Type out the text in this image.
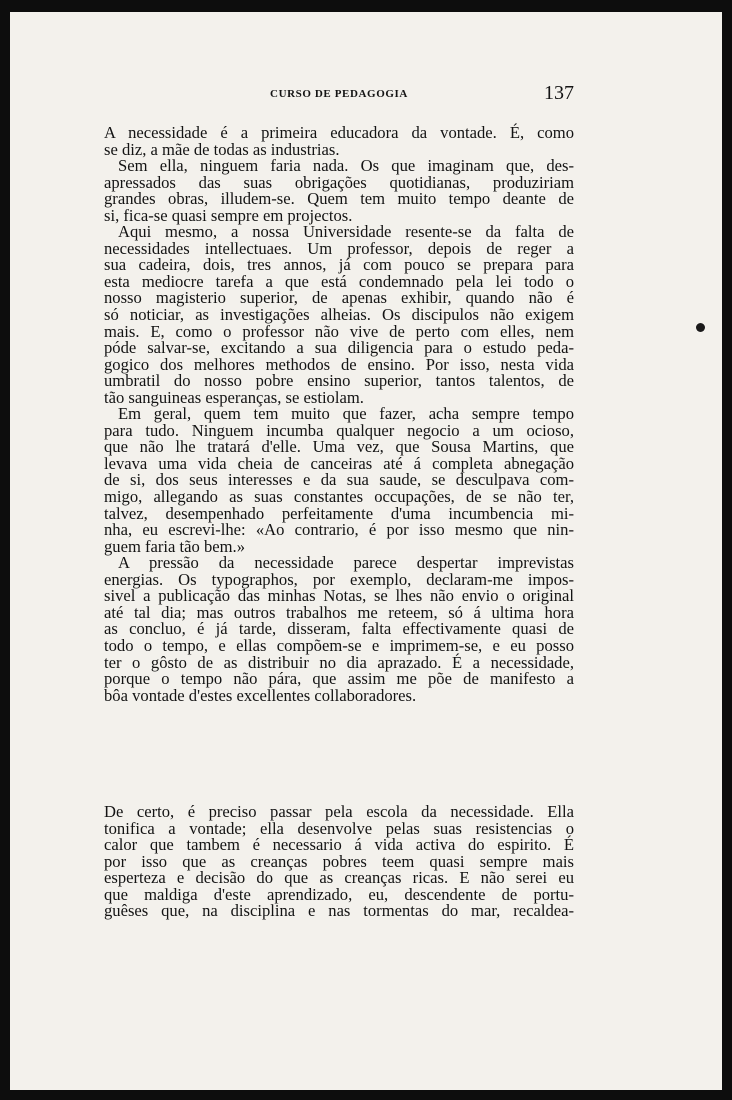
CURSO DE PEDAGOGIA	137
A necessidade é a primeira educadora da vontade. É, como
se diz, a mãe de todas as industrias.
Sem ella, ninguem faria nada. Os que imaginam que, des-
apressados das suas obrigações quotidianas, produziriam
grandes obras, illudem-se. Quem tem muito tempo deante de
si, fica-se quasi sempre em projectos.
Aqui mesmo, a nossa Universidade resente-se da falta de
necessidades intellectuaes. Um professor, depois de reger a
sua cadeira, dois, tres annos, já com pouco se prepara para
esta mediocre tarefa a que está condemnado pela lei todo o
nosso magisterio superior, de apenas exhibir, quando não é
só noticiar, as investigações alheias. Os discipulos não exigem
mais. E, como o professor não vive de perto com elles, nem
póde salvar-se, excitando a sua diligencia para o estudo peda-
gogico dos melhores methodos de ensino. Por isso, nesta vida
umbratil do nosso pobre ensino superior, tantos talentos, de
tão sanguineas esperanças, se estiolam.
Em geral, quem tem muito que fazer, acha sempre tempo
para tudo. Ninguem incumba qualquer negocio a um ocioso,
que não lhe tratará d'elle. Uma vez, que Sousa Martins, que
levava uma vida cheia de canceiras até á completa abnegação
de si, dos seus interesses e da sua saude, se desculpava com-
migo, allegando as suas constantes occupações, de se não ter,
talvez, desempenhado perfeitamente d'uma incumbencia mi-
nha, eu escrevi-lhe: «Ao contrario, é por isso mesmo que nin-
guem faria tão bem.»
A pressão da necessidade parece despertar imprevistas
energias. Os typographos, por exemplo, declaram-me impos-
sivel a publicação das minhas Notas, se lhes não envio o original
até tal dia; mas outros trabalhos me reteem, só á ultima hora
as concluo, é já tarde, disseram, falta effectivamente quasi de
todo o tempo, e ellas compõem-se e imprimem-se, e eu posso
ter o gôsto de as distribuir no dia aprazado. É a necessidade,
porque o tempo não pára, que assim me põe de manifesto a
bôa vontade d'estes excellentes collaboradores.
De certo, é preciso passar pela escola da necessidade. Ella
tonifica a vontade; ella desenvolve pelas suas resistencias o
calor que tambem é necessario á vida activa do espirito. É
por isso que as creanças pobres teem quasi sempre mais
esperteza e decisão do que as creanças ricas. E não serei eu
que maldiga d'este aprendizado, eu, descendente de portu-
guêses que, na disciplina e nas tormentas do mar, recaldea-
